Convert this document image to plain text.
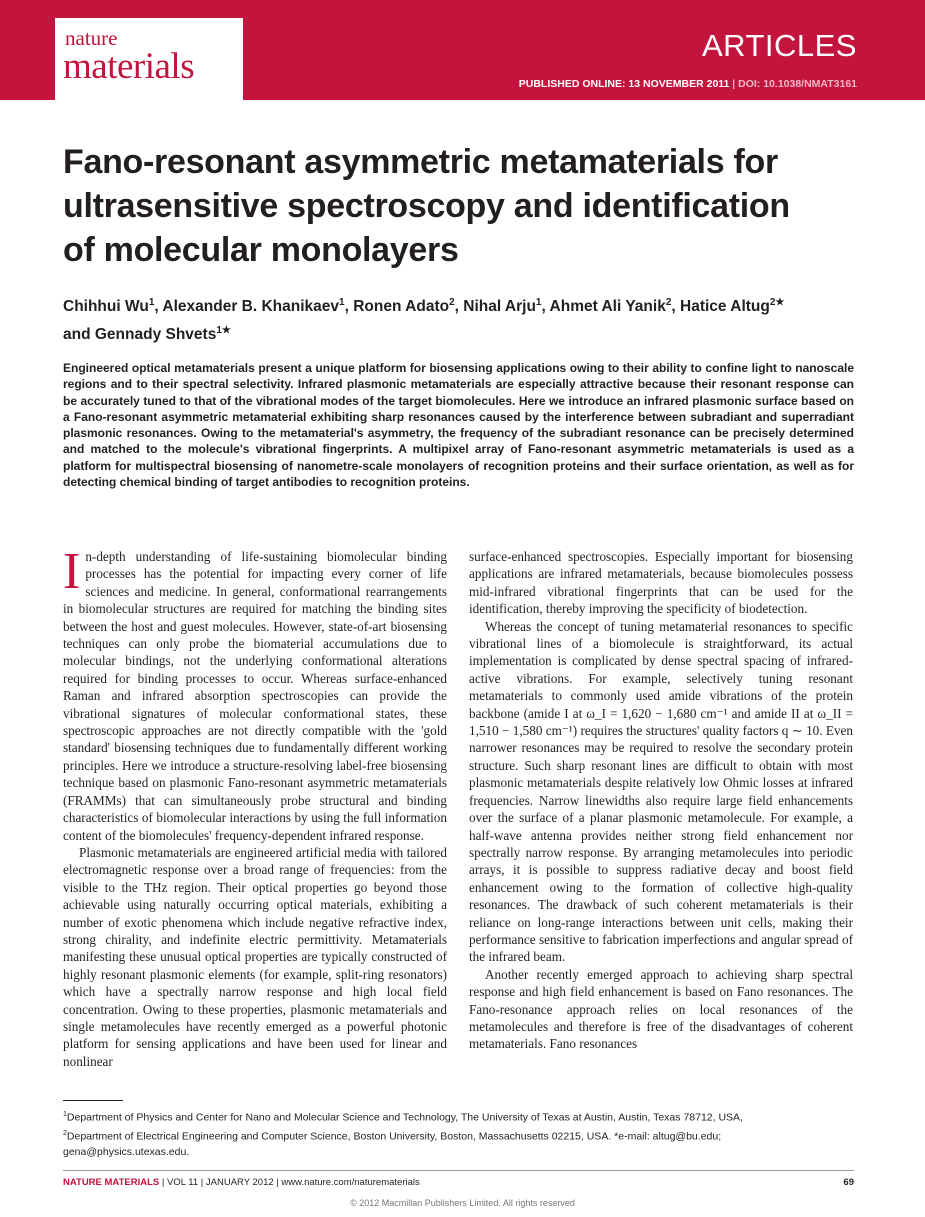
nature
materials
ARTICLES
PUBLISHED ONLINE: 13 NOVEMBER 2011 | DOI: 10.1038/NMAT3161
Fano-resonant asymmetric metamaterials for
ultrasensitive spectroscopy and identification
of molecular monolayers
Chihhui Wu$^1$, Alexander B. Khanikaev$^1$, Ronen Adato$^2$, Nihal Arju$^1$, Ahmet Ali Yanik$^2$, Hatice Altug$^{2★}$
and Gennady Shvets$^{1★}$
Engineered optical metamaterials present a unique platform for biosensing applications owing to their ability to confine light to nanoscale regions and to their spectral selectivity. Infrared plasmonic metamaterials are especially attractive because their resonant response can be accurately tuned to that of the vibrational modes of the target biomolecules. Here we introduce an infrared plasmonic surface based on a Fano-resonant asymmetric metamaterial exhibiting sharp resonances caused by the interference between subradiant and superradiant plasmonic resonances. Owing to the metamaterial's asymmetry, the frequency of the subradiant resonance can be precisely determined and matched to the molecule's vibrational fingerprints. A multipixel array of Fano-resonant asymmetric metamaterials is used as a platform for multispectral biosensing of nanometre-scale monolayers of recognition proteins and their surface orientation, as well as for detecting chemical binding of target antibodies to recognition proteins.

In-depth understanding of life-sustaining biomolecular binding processes has the potential for impacting every corner of life sciences and medicine. In general, conformational rearrangements in biomolecular structures are required for matching the binding sites between the host and guest molecules. However, state-of-art biosensing techniques can only probe the biomaterial accumulations due to molecular bindings, not the underlying conformational alterations required for binding processes to occur. Whereas surface-enhanced Raman and infrared absorption spectroscopies can provide the vibrational signatures of molecular conformational states, these spectroscopic approaches are not directly compatible with the 'gold standard' biosensing techniques due to fundamentally different working principles. Here we introduce a structure-resolving label-free biosensing technique based on plasmonic Fano-resonant asymmetric metamaterials (FRAMMs) that can simultaneously probe structural and binding characteristics of biomolecular interactions by using the full information content of the biomolecules' frequency-dependent infrared response.

Plasmonic metamaterials are engineered artificial media with tailored electromagnetic response over a broad range of frequencies: from the visible to the THz region. Their optical properties go beyond those achievable using naturally occurring optical materials, exhibiting a number of exotic phenomena which include negative refractive index, strong chirality, and indefinite electric permittivity. Metamaterials manifesting these unusual optical properties are typically constructed of highly resonant plasmonic elements (for example, split-ring resonators) which have a spectrally narrow response and high local field concentration. Owing to these properties, plasmonic metamaterials and single metamolecules have recently emerged as a powerful photonic platform for sensing applications and have been used for linear and nonlinear

surface-enhanced spectroscopies. Especially important for biosensing applications are infrared metamaterials, because biomolecules possess mid-infrared vibrational fingerprints that can be used for the identification, thereby improving the specificity of biodetection.

Whereas the concept of tuning metamaterial resonances to specific vibrational lines of a biomolecule is straightforward, its actual implementation is complicated by dense spectral spacing of infrared-active vibrations. For example, selectively tuning resonant metamaterials to commonly used amide vibrations of the protein backbone (amide I at ω_I = 1,620 − 1,680 cm⁻¹ and amide II at ω_II = 1,510 − 1,580 cm⁻¹) requires the structures' quality factors q ∼ 10. Even narrower resonances may be required to resolve the secondary protein structure. Such sharp resonant lines are difficult to obtain with most plasmonic metamaterials despite relatively low Ohmic losses at infrared frequencies. Narrow linewidths also require large field enhancements over the surface of a planar plasmonic metamolecule. For example, a half-wave antenna provides neither strong field enhancement nor spectrally narrow response. By arranging metamolecules into periodic arrays, it is possible to suppress radiative decay and boost field enhancement owing to the formation of collective high-quality resonances. The drawback of such coherent metamaterials is their reliance on long-range interactions between unit cells, making their performance sensitive to fabrication imperfections and angular spread of the infrared beam.

Another recently emerged approach to achieving sharp spectral response and high field enhancement is based on Fano resonances. The Fano-resonance approach relies on local resonances of the metamolecules and therefore is free of the disadvantages of coherent metamaterials. Fano resonances

$^1$Department of Physics and Center for Nano and Molecular Science and Technology, The University of Texas at Austin, Austin, Texas 78712, USA,
$^2$Department of Electrical Engineering and Computer Science, Boston University, Boston, Massachusetts 02215, USA. *e-mail: altug@bu.edu;
gena@physics.utexas.edu.
NATURE MATERIALS | VOL 11 | JANUARY 2012 | www.nature.com/naturematerials	69
© 2012 Macmillan Publishers Limited. All rights reserved
